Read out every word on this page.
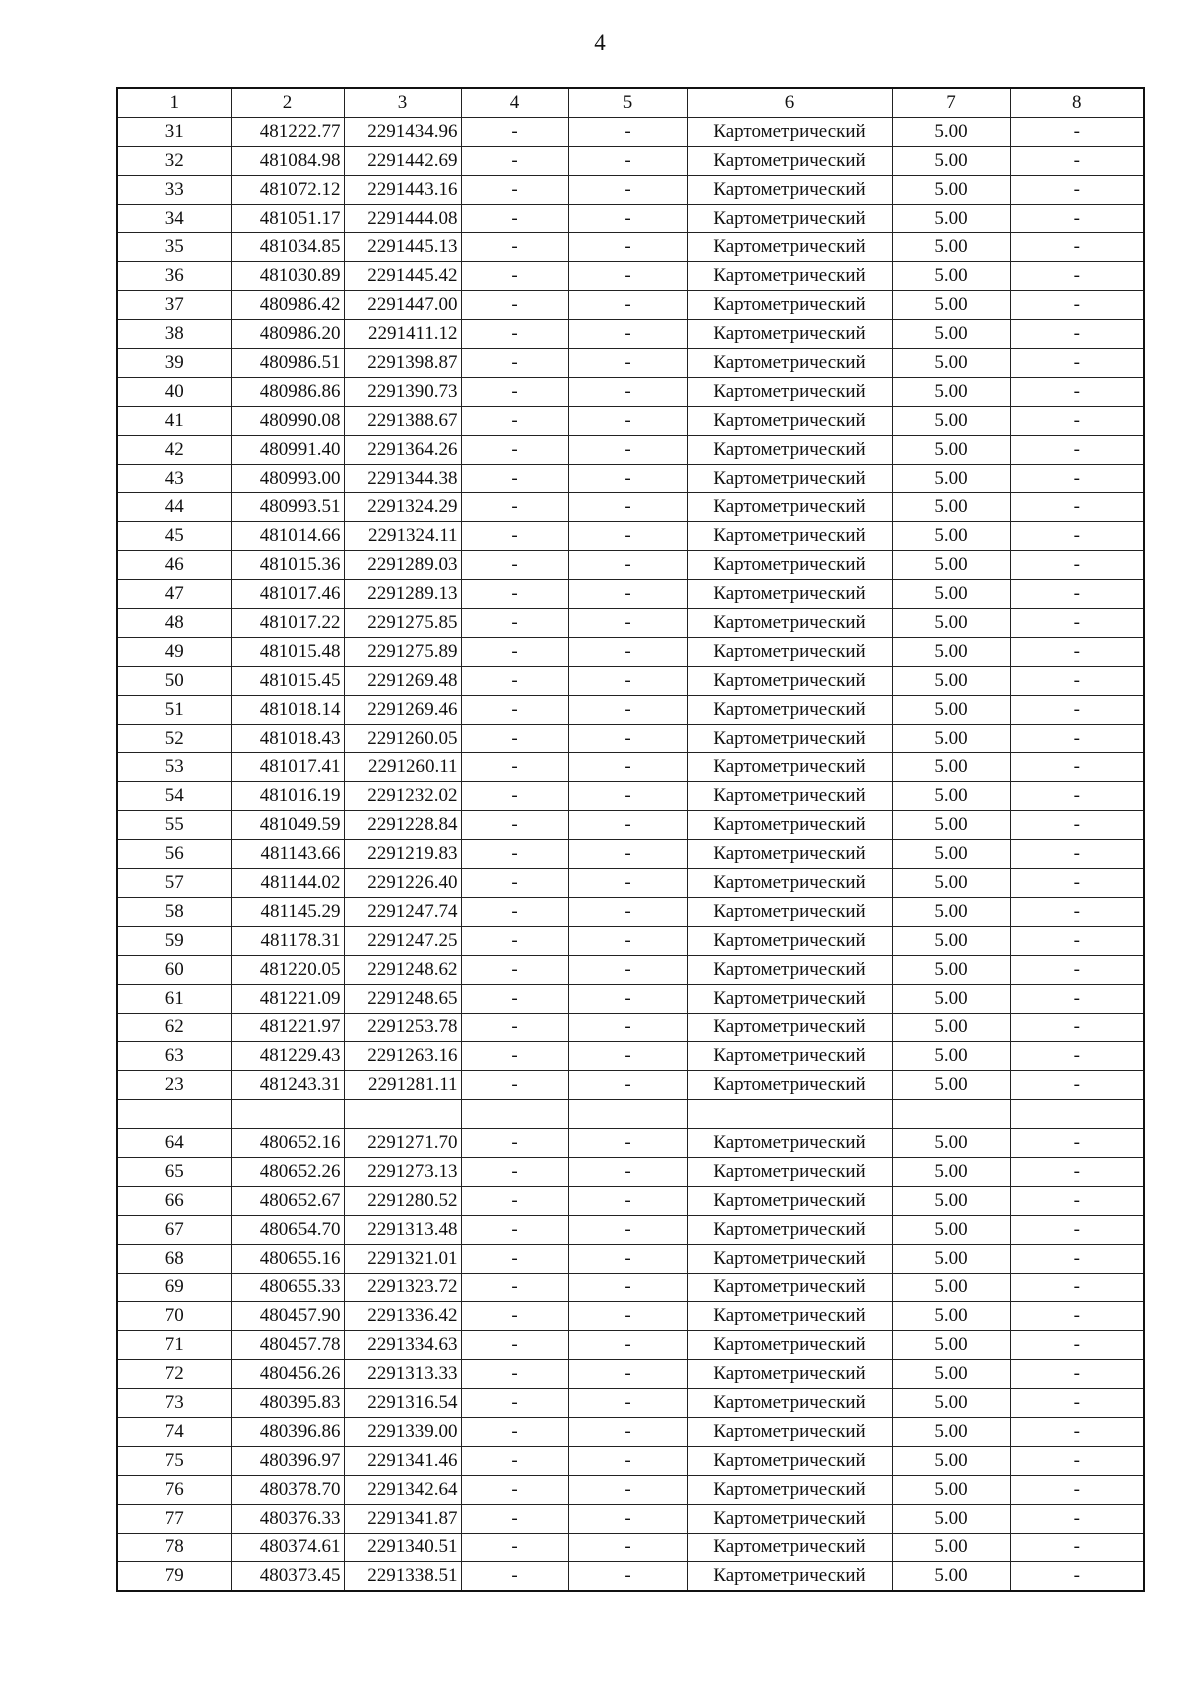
4
1	2	3	4	5	6	7	8
31	481222.77	2291434.96	-	-	Картометрический	5.00	-
32	481084.98	2291442.69	-	-	Картометрический	5.00	-
33	481072.12	2291443.16	-	-	Картометрический	5.00	-
34	481051.17	2291444.08	-	-	Картометрический	5.00	-
35	481034.85	2291445.13	-	-	Картометрический	5.00	-
36	481030.89	2291445.42	-	-	Картометрический	5.00	-
37	480986.42	2291447.00	-	-	Картометрический	5.00	-
38	480986.20	2291411.12	-	-	Картометрический	5.00	-
39	480986.51	2291398.87	-	-	Картометрический	5.00	-
40	480986.86	2291390.73	-	-	Картометрический	5.00	-
41	480990.08	2291388.67	-	-	Картометрический	5.00	-
42	480991.40	2291364.26	-	-	Картометрический	5.00	-
43	480993.00	2291344.38	-	-	Картометрический	5.00	-
44	480993.51	2291324.29	-	-	Картометрический	5.00	-
45	481014.66	2291324.11	-	-	Картометрический	5.00	-
46	481015.36	2291289.03	-	-	Картометрический	5.00	-
47	481017.46	2291289.13	-	-	Картометрический	5.00	-
48	481017.22	2291275.85	-	-	Картометрический	5.00	-
49	481015.48	2291275.89	-	-	Картометрический	5.00	-
50	481015.45	2291269.48	-	-	Картометрический	5.00	-
51	481018.14	2291269.46	-	-	Картометрический	5.00	-
52	481018.43	2291260.05	-	-	Картометрический	5.00	-
53	481017.41	2291260.11	-	-	Картометрический	5.00	-
54	481016.19	2291232.02	-	-	Картометрический	5.00	-
55	481049.59	2291228.84	-	-	Картометрический	5.00	-
56	481143.66	2291219.83	-	-	Картометрический	5.00	-
57	481144.02	2291226.40	-	-	Картометрический	5.00	-
58	481145.29	2291247.74	-	-	Картометрический	5.00	-
59	481178.31	2291247.25	-	-	Картометрический	5.00	-
60	481220.05	2291248.62	-	-	Картометрический	5.00	-
61	481221.09	2291248.65	-	-	Картометрический	5.00	-
62	481221.97	2291253.78	-	-	Картометрический	5.00	-
63	481229.43	2291263.16	-	-	Картометрический	5.00	-
23	481243.31	2291281.11	-	-	Картометрический	5.00	-

64	480652.16	2291271.70	-	-	Картометрический	5.00	-
65	480652.26	2291273.13	-	-	Картометрический	5.00	-
66	480652.67	2291280.52	-	-	Картометрический	5.00	-
67	480654.70	2291313.48	-	-	Картометрический	5.00	-
68	480655.16	2291321.01	-	-	Картометрический	5.00	-
69	480655.33	2291323.72	-	-	Картометрический	5.00	-
70	480457.90	2291336.42	-	-	Картометрический	5.00	-
71	480457.78	2291334.63	-	-	Картометрический	5.00	-
72	480456.26	2291313.33	-	-	Картометрический	5.00	-
73	480395.83	2291316.54	-	-	Картометрический	5.00	-
74	480396.86	2291339.00	-	-	Картометрический	5.00	-
75	480396.97	2291341.46	-	-	Картометрический	5.00	-
76	480378.70	2291342.64	-	-	Картометрический	5.00	-
77	480376.33	2291341.87	-	-	Картометрический	5.00	-
78	480374.61	2291340.51	-	-	Картометрический	5.00	-
79	480373.45	2291338.51	-	-	Картометрический	5.00	-
